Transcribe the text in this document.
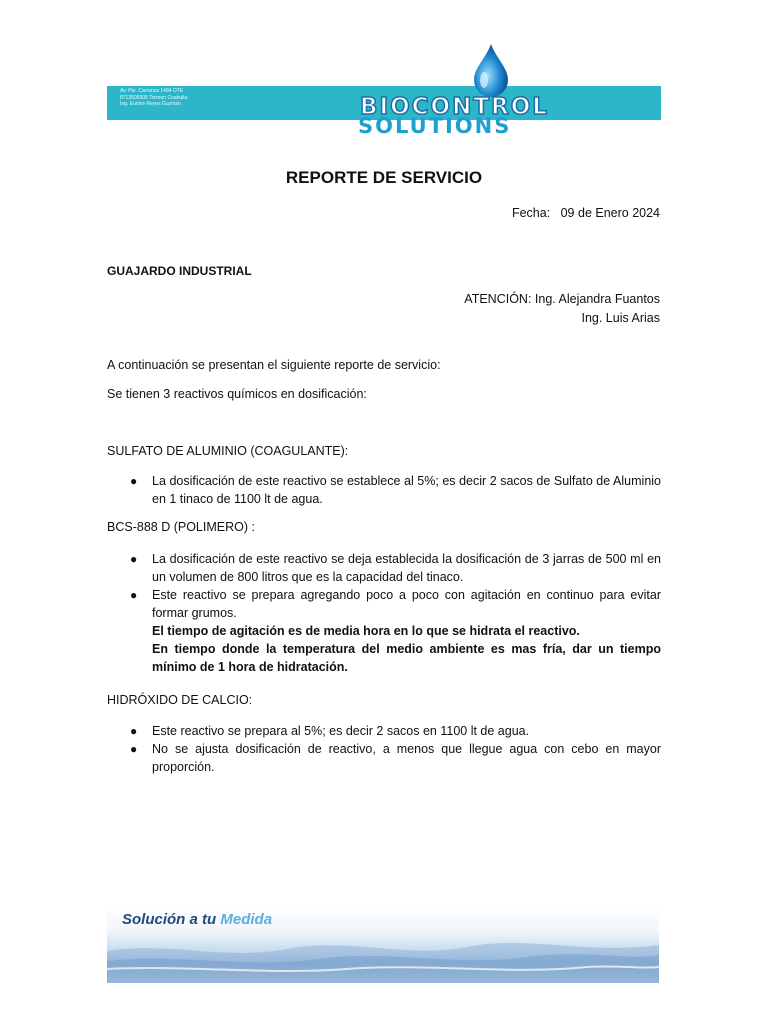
Av. Pte. Carranza 1484 OTE
8713506905 Torreon Coahuila.
Ing. Eunice Reyes Guzman.	BIOCONTROL
SOLUTIONS
REPORTE DE SERVICIO
Fecha: 09 de Enero 2024
GUAJARDO INDUSTRIAL
ATENCIÓN: Ing. Alejandra Fuantos
Ing. Luis Arias
A continuación se presentan el siguiente reporte de servicio:
Se tienen 3 reactivos químicos en dosificación:
SULFATO DE ALUMINIO (COAGULANTE):
● La dosificación de este reactivo se establece al 5%; es decir 2 sacos de Sulfato de Aluminio en 1 tinaco de 1100 lt de agua.
BCS-888 D (POLIMERO) :
● La dosificación de este reactivo se deja establecida la dosificación de 3 jarras de 500 ml en un volumen de 800 litros que es la capacidad del tinaco.
● Este reactivo se prepara agregando poco a poco con agitación en continuo para evitar formar grumos.
El tiempo de agitación es de media hora en lo que se hidrata el reactivo.
En tiempo donde la temperatura del medio ambiente es mas fría, dar un tiempo mínimo de 1 hora de hidratación.
HIDRÓXIDO DE CALCIO:
● Este reactivo se prepara al 5%; es decir 2 sacos en 1100 lt de agua.
● No se ajusta dosificación de reactivo, a menos que llegue agua con cebo en mayor proporción.
Solución a tu Medida
